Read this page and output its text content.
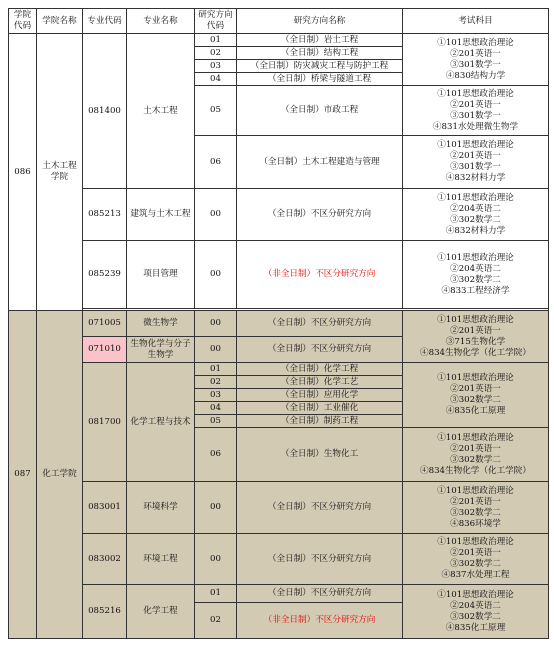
学院代码	学院名称	专业代码	专业名称	研究方向代码	研究方向名称	考试科目
086	土木工程学院	081400	土木工程	01	（全日制）岩土工程	①101思想政治理论
②201英语一
③301数学一
④830结构力学

				02	（全日制）结构工程	
				03	（全日制）防灾减灾工程与防护工程	
				04	（全日制）桥梁与隧道工程	
				05	（全日制）市政工程	①101思想政治理论
②201英语一
③301数学一
④831水处理微生物学

				06	（全日制）土木工程建造与管理	①101思想政治理论
②201英语一
③301数学一
④832材料力学

		085213	建筑与土木工程	00	（全日制）不区分研究方向	①101思想政治理论
②204英语二
③302数学二
④832材料力学

		085239	项目管理	00	（非全日制）不区分研究方向	①101思想政治理论
②204英语二
③302数学二
④833工程经济学

087	化工学院	071005	微生物学	00	（全日制）不区分研究方向	①101思想政治理论
②201英语一
③715生物化学
④834生物化学（化工学院）

		071010	生物化学与分子生物学	00	（全日制）不区分研究方向	
		081700	化学工程与技术	01	（全日制）化学工程	①101思想政治理论
②201英语一
③302数学二
④835化工原理

				02	（全日制）化学工艺	
				03	（全日制）应用化学	
				04	（全日制）工业催化	
				05	（全日制）制药工程	
				06	（全日制）生物化工	①101思想政治理论
②201英语一
③302数学二
④834生物化学（化工学院）

		083001	环境科学	00	（全日制）不区分研究方向	①101思想政治理论
②201英语一
③302数学二
④836环境学

		083002	环境工程	00	（全日制）不区分研究方向	①101思想政治理论
②201英语一
③302数学二
④837水处理工程

		085216	化学工程	01	（全日制）不区分研究方向	①101思想政治理论
②204英语二
③302数学二
④835化工原理

				02	（非全日制）不区分研究方向	
